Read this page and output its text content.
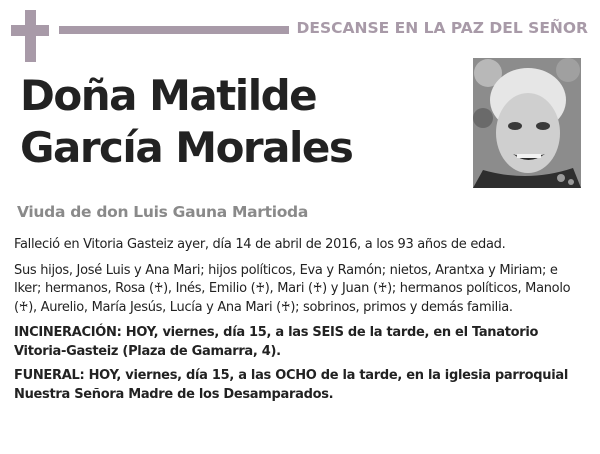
DESCANSE EN LA PAZ DEL SEÑOR
Doña Matilde
García Morales
Viuda de don Luis Gauna Martioda

Falleció en Vitoria Gasteiz ayer, día 14 de abril de 2016, a los 93 años de edad.

Sus hijos, José Luis y Ana Mari; hijos políticos, Eva y Ramón; nietos, Arantxa y Miriam; e Iker; hermanos, Rosa (♰), Inés, Emilio (♰), Mari (♰) y Juan (♰); hermanos políticos, Manolo (♰), Aurelio, María Jesús, Lucía y Ana Mari (♰); sobrinos, primos y demás familia.

INCINERACIÓN: HOY, viernes, día 15, a las SEIS de la tarde, en el Tanatorio Vitoria-Gasteiz (Plaza de Gamarra, 4).

FUNERAL: HOY, viernes, día 15, a las OCHO de la tarde, en la iglesia parroquial Nuestra Señora Madre de los Desamparados.
